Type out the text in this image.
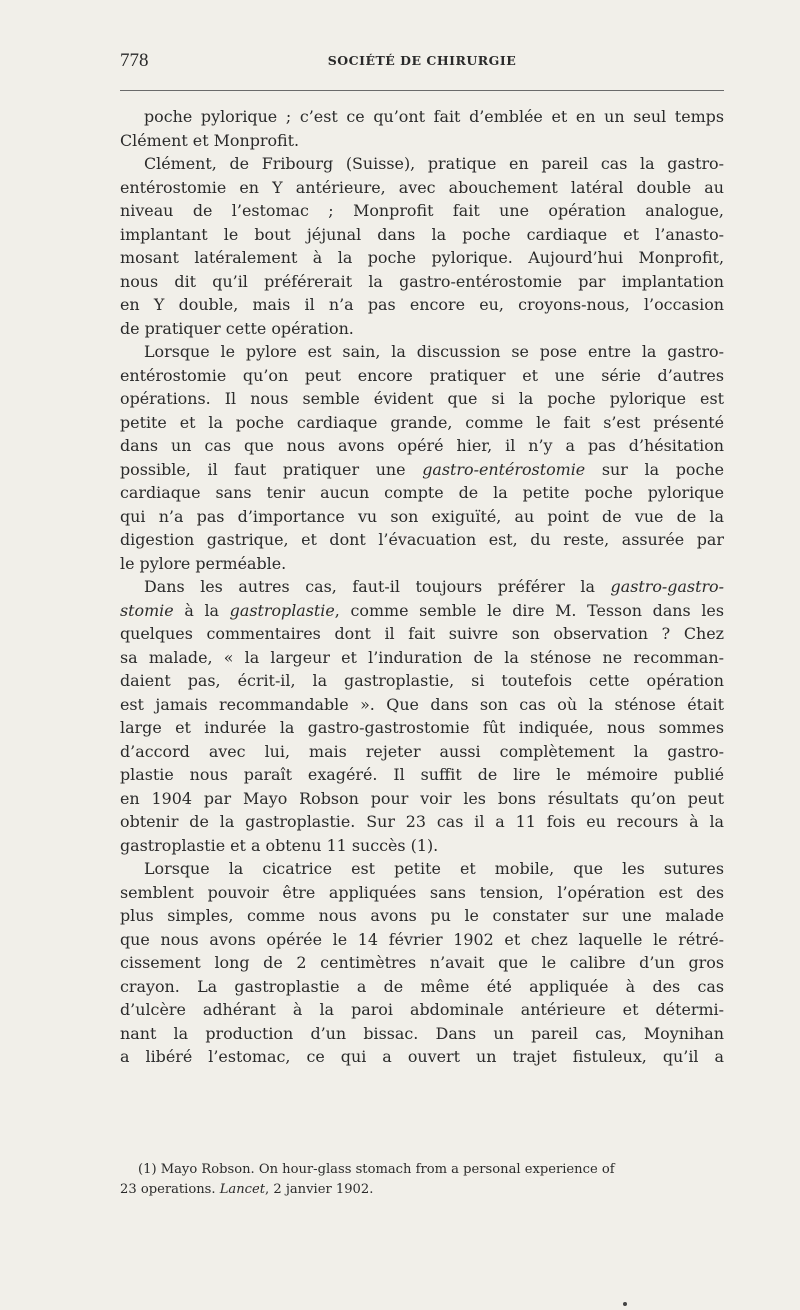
778	SOCIÉTÉ DE CHIRURGIE
poche pylorique ; c’est ce qu’ont fait d’emblée et en un seul temps
Clément et Monprofit.
Clément, de Fribourg (Suisse), pratique en pareil cas la gastro-
entérostomie en Y antérieure, avec abouchement latéral double au
niveau de l’estomac ; Monprofit fait une opération analogue,
implantant le bout jéjunal dans la poche cardiaque et l’anasto-
mosant latéralement à la poche pylorique. Aujourd’hui Monprofit,
nous dit qu’il préférerait la gastro-entérostomie par implantation
en Y double, mais il n’a pas encore eu, croyons-nous, l’occasion
de pratiquer cette opération.
Lorsque le pylore est sain, la discussion se pose entre la gastro-
entérostomie qu’on peut encore pratiquer et une série d’autres
opérations. Il nous semble évident que si la poche pylorique est
petite et la poche cardiaque grande, comme le fait s’est présenté
dans un cas que nous avons opéré hier, il n’y a pas d’hésitation
possible, il faut pratiquer une gastro-entérostomie sur la poche
cardiaque sans tenir aucun compte de la petite poche pylorique
qui n’a pas d’importance vu son exiguïté, au point de vue de la
digestion gastrique, et dont l’évacuation est, du reste, assurée par
le pylore perméable.
Dans les autres cas, faut-il toujours préférer la gastro-gastro-
stomie à la gastroplastie, comme semble le dire M. Tesson dans les
quelques commentaires dont il fait suivre son observation ? Chez
sa malade, « la largeur et l’induration de la sténose ne recomman-
daient pas, écrit-il, la gastroplastie, si toutefois cette opération
est jamais recommandable ». Que dans son cas où la sténose était
large et indurée la gastro-gastrostomie fût indiquée, nous sommes
d’accord avec lui, mais rejeter aussi complètement la gastro-
plastie nous paraît exagéré. Il suffit de lire le mémoire publié
en 1904 par Mayo Robson pour voir les bons résultats qu’on peut
obtenir de la gastroplastie. Sur 23 cas il a 11 fois eu recours à la
gastroplastie et a obtenu 11 succès (1).
Lorsque la cicatrice est petite et mobile, que les sutures
semblent pouvoir être appliquées sans tension, l’opération est des
plus simples, comme nous avons pu le constater sur une malade
que nous avons opérée le 14 février 1902 et chez laquelle le rétré-
cissement long de 2 centimètres n’avait que le calibre d’un gros
crayon. La gastroplastie a de même été appliquée à des cas
d’ulcère adhérant à la paroi abdominale antérieure et détermi-
nant la production d’un bissac. Dans un pareil cas, Moynihan
a libéré l’estomac, ce qui a ouvert un trajet fistuleux, qu’il a
(1) Mayo Robson. On hour-glass stomach from a personal experience of
23 operations. Lancet, 2 janvier 1902.
